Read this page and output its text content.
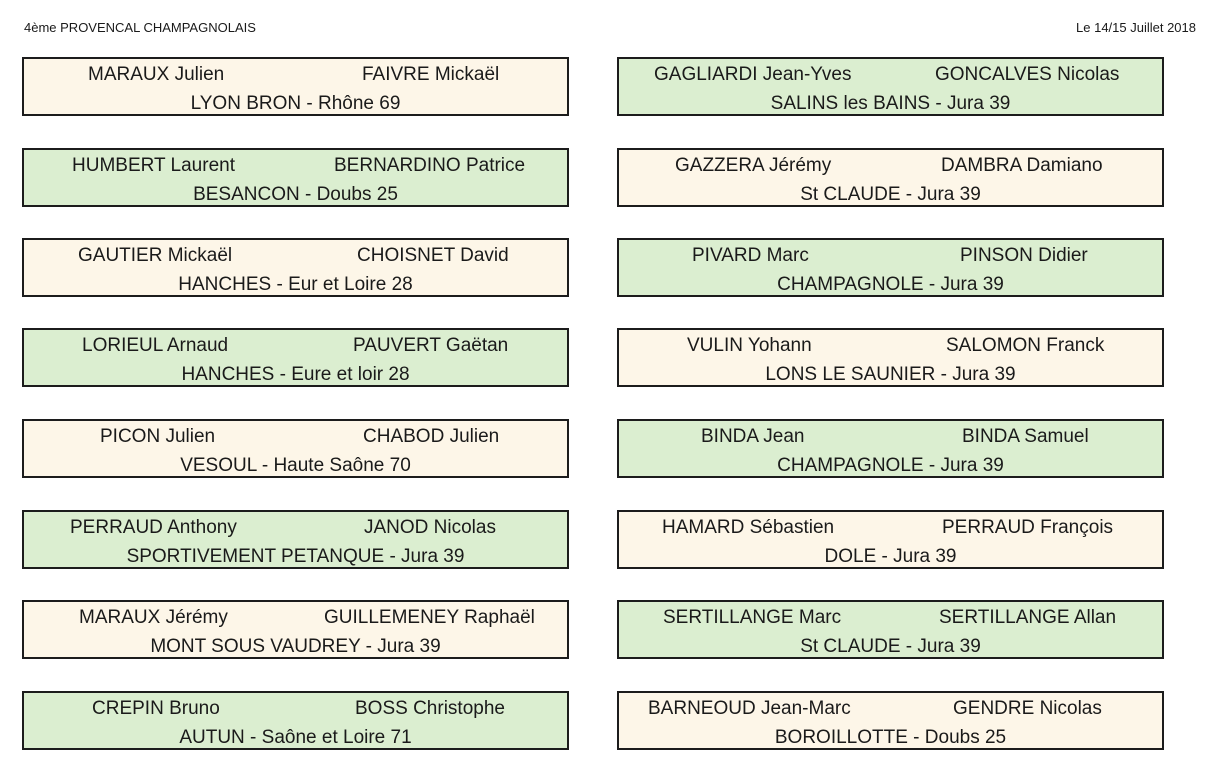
4ème PROVENCAL CHAMPAGNOLAIS	Le 14/15 Juillet 2018
MARAUX Julien	FAIVRE Mickaël
LYON BRON - Rhône 69
HUMBERT Laurent	BERNARDINO Patrice
BESANCON - Doubs 25
GAUTIER Mickaël	CHOISNET David
HANCHES - Eur et Loire 28
LORIEUL Arnaud	PAUVERT Gaëtan
HANCHES - Eure et loir 28
PICON Julien	CHABOD Julien
VESOUL - Haute Saône 70
PERRAUD Anthony	JANOD Nicolas
SPORTIVEMENT PETANQUE - Jura 39
MARAUX Jérémy	GUILLEMENEY Raphaël
MONT SOUS VAUDREY - Jura 39
CREPIN Bruno	BOSS Christophe
AUTUN - Saône et Loire 71
GAGLIARDI Jean-Yves	GONCALVES Nicolas
SALINS les BAINS - Jura 39
GAZZERA Jérémy	DAMBRA Damiano
St CLAUDE - Jura 39
PIVARD Marc	PINSON Didier
CHAMPAGNOLE - Jura 39
VULIN Yohann	SALOMON Franck
LONS LE SAUNIER - Jura 39
BINDA Jean	BINDA Samuel
CHAMPAGNOLE - Jura 39
HAMARD Sébastien	PERRAUD François
DOLE - Jura 39
SERTILLANGE Marc	SERTILLANGE Allan
St CLAUDE - Jura 39
BARNEOUD Jean-Marc	GENDRE Nicolas
BOROILLOTTE - Doubs 25
